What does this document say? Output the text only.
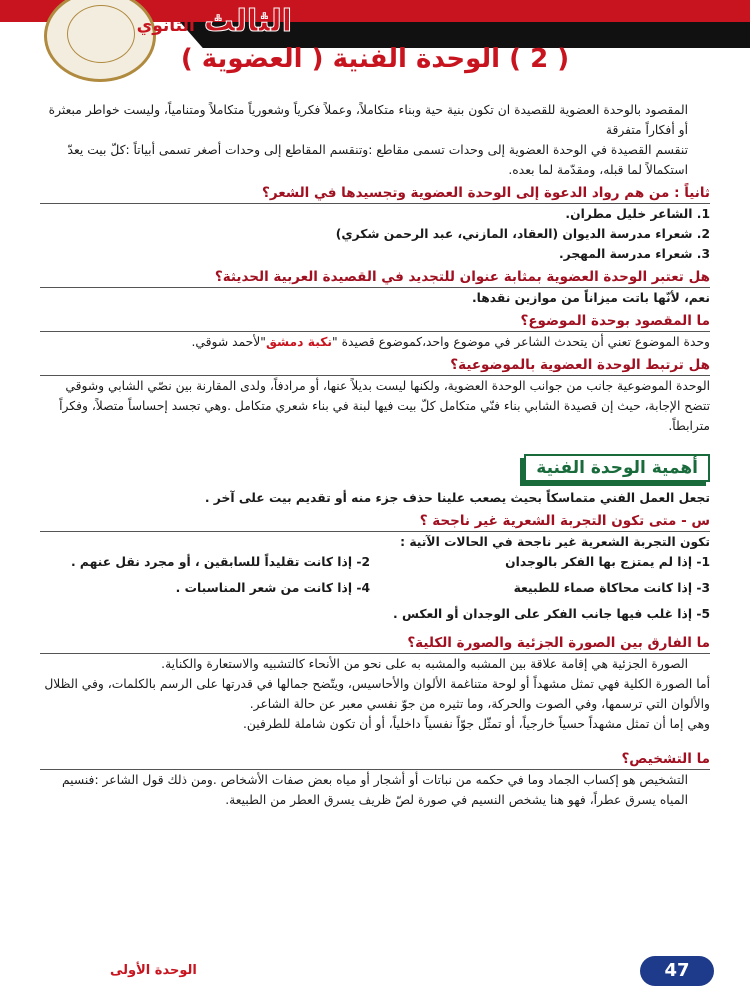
الثالث الثانوي
( 2 ) الوحدة الفنية ( العضوية )

المقصود بالوحدة العضوية للقصيدة ان تكون بنية حية وبناء متكاملاً، وعملاً فكرياً وشعورياً متكاملاً ومتنامياً، وليست خواطر مبعثرة أو أفكاراً متفرقة

تنقسم القصيدة في الوحدة العضوية إلى وحدات تسمى مقاطع :وتنقسم المقاطع إلى وحدات أصغر تسمى أبياتاً :كلّ بيت يعدّ استكمالاً لما قبله، ومقدّمة لما بعده.

ثانياً : من هم رواد الدعوة إلى الوحدة العضوية وتجسيدها في الشعر؟

1. الشاعر خليل مطران.

2. شعراء مدرسة الديوان (العقاد، المازني، عبد الرحمن شكري)

3. شعراء مدرسة المهجر.

هل تعتبر الوحدة العضوية بمثابة عنوان للتجديد في القصيدة العربية الحديثة؟

نعم، لأنّها باتت ميزاناً من موازين نقدها.

ما المقصود بوحدة الموضوع؟

وحدة الموضوع تعني أن يتحدث الشاعر في موضوع واحد،كموضوع قصيدة "نكبة دمشق"لأحمد شوقي.

هل ترتبط الوحدة العضوية بالموضوعية؟

الوحدة الموضوعية جانب من جوانب الوحدة العضوية، ولكنها ليست بديلاً عنها، أو مرادفاً، ولدى المقارنة بين نصّي الشابي وشوقي تتضح الإجابة، حيث إن قصيدة الشابي بناء فنّي متكامل كلّ بيت فيها لبنة في بناء شعري متكامل .وهي تجسد إحساساً متصلاً، وفكراً مترابطاً.

أهمية الوحدة الفنية

تجعل العمل الفني متماسكاً بحيث يصعب علينا حذف جزء منه أو تقديم بيت على آخر .

س - متى تكون التجربة الشعرية غير ناجحة ؟

تكون التجربة الشعرية غير ناجحة في الحالات الآتية :

1- إذا لم يمتزج بها الفكر بالوجدان
2- إذا كانت تقليداً للسابقين ، أو مجرد نقل عنهم .
3- إذا كانت محاكاة صماء للطبيعة
4- إذا كانت من شعر المناسبات .

5- إذا غلب فيها جانب الفكر على الوجدان أو العكس .

ما الفارق بين الصورة الجزئية والصورة الكلية؟

الصورة الجزئية هي إقامة علاقة بين المشبه والمشبه به على نحو من الأنحاء كالتشبيه والاستعارة والكناية.

أما الصورة الكلية فهي تمثل مشهداً أو لوحة متناغمة الألوان والأحاسيس، ويتّضح جمالها في قدرتها على الرسم بالكلمات، وفي الظلال والألوان التي ترسمها، وفي الصوت والحركة، وما تثيره من جوّ نفسي معبر عن حالة الشاعر.

وهي إما أن تمثل مشهداً حسياً خارجياً، أو تمثّل جوّاً نفسياً داخلياً، أو أن تكون شاملة للطرفين.

ما التشخيص؟

التشخيص هو إكساب الجماد وما في حكمه من نباتات أو أشجار أو مياه بعض صفات الأشخاص .ومن ذلك قول الشاعر :فنسيم المياه يسرق عطراً، فهو هنا يشخص النسيم في صورة لصّ ظريف يسرق العطر من الطبيعة.

الوحدة الأولى	47
